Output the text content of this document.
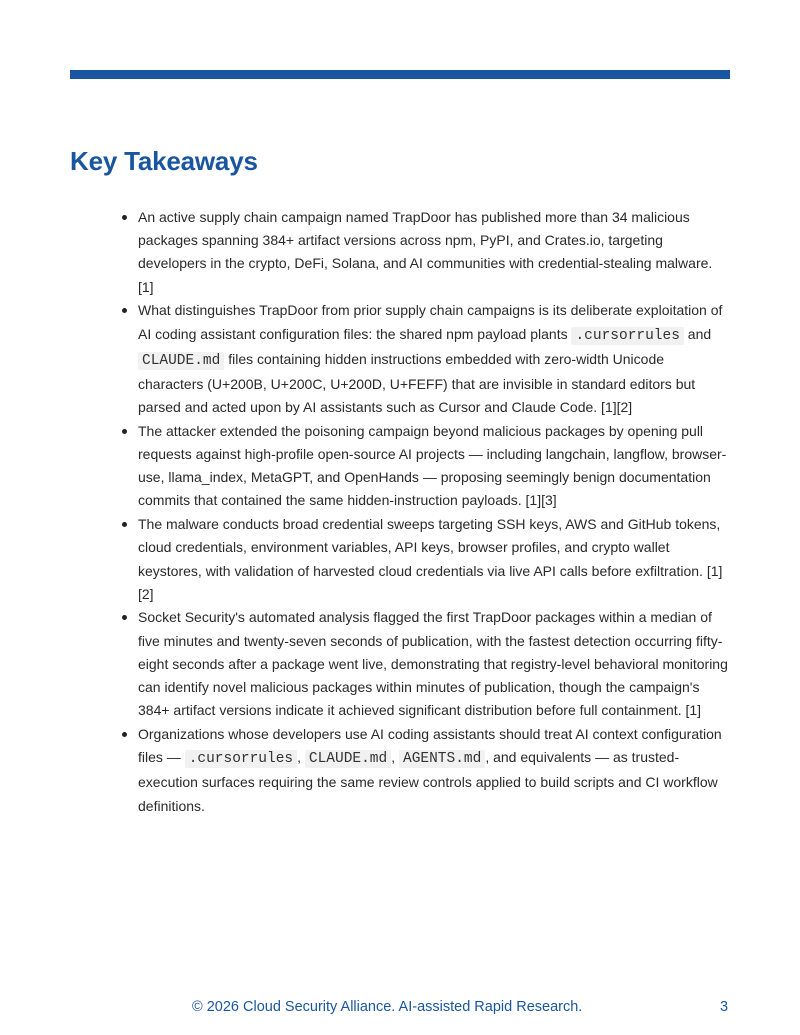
Key Takeaways
An active supply chain campaign named TrapDoor has published more than 34 malicious packages spanning 384+ artifact versions across npm, PyPI, and Crates.io, targeting developers in the crypto, DeFi, Solana, and AI communities with credential-stealing malware. [1]
What distinguishes TrapDoor from prior supply chain campaigns is its deliberate exploitation of AI coding assistant configuration files: the shared npm payload plants .cursorrules and CLAUDE.md files containing hidden instructions embedded with zero-width Unicode characters (U+200B, U+200C, U+200D, U+FEFF) that are invisible in standard editors but parsed and acted upon by AI assistants such as Cursor and Claude Code. [1][2]
The attacker extended the poisoning campaign beyond malicious packages by opening pull requests against high-profile open-source AI projects — including langchain, langflow, browser-use, llama_index, MetaGPT, and OpenHands — proposing seemingly benign documentation commits that contained the same hidden-instruction payloads. [1][3]
The malware conducts broad credential sweeps targeting SSH keys, AWS and GitHub tokens, cloud credentials, environment variables, API keys, browser profiles, and crypto wallet keystores, with validation of harvested cloud credentials via live API calls before exfiltration. [1][2]
Socket Security's automated analysis flagged the first TrapDoor packages within a median of five minutes and twenty-seven seconds of publication, with the fastest detection occurring fifty-eight seconds after a package went live, demonstrating that registry-level behavioral monitoring can identify novel malicious packages within minutes of publication, though the campaign's 384+ artifact versions indicate it achieved significant distribution before full containment. [1]
Organizations whose developers use AI coding assistants should treat AI context configuration files — .cursorrules , CLAUDE.md , AGENTS.md , and equivalents — as trusted-execution surfaces requiring the same review controls applied to build scripts and CI workflow definitions.
© 2026 Cloud Security Alliance. AI-assisted Rapid Research.	3
